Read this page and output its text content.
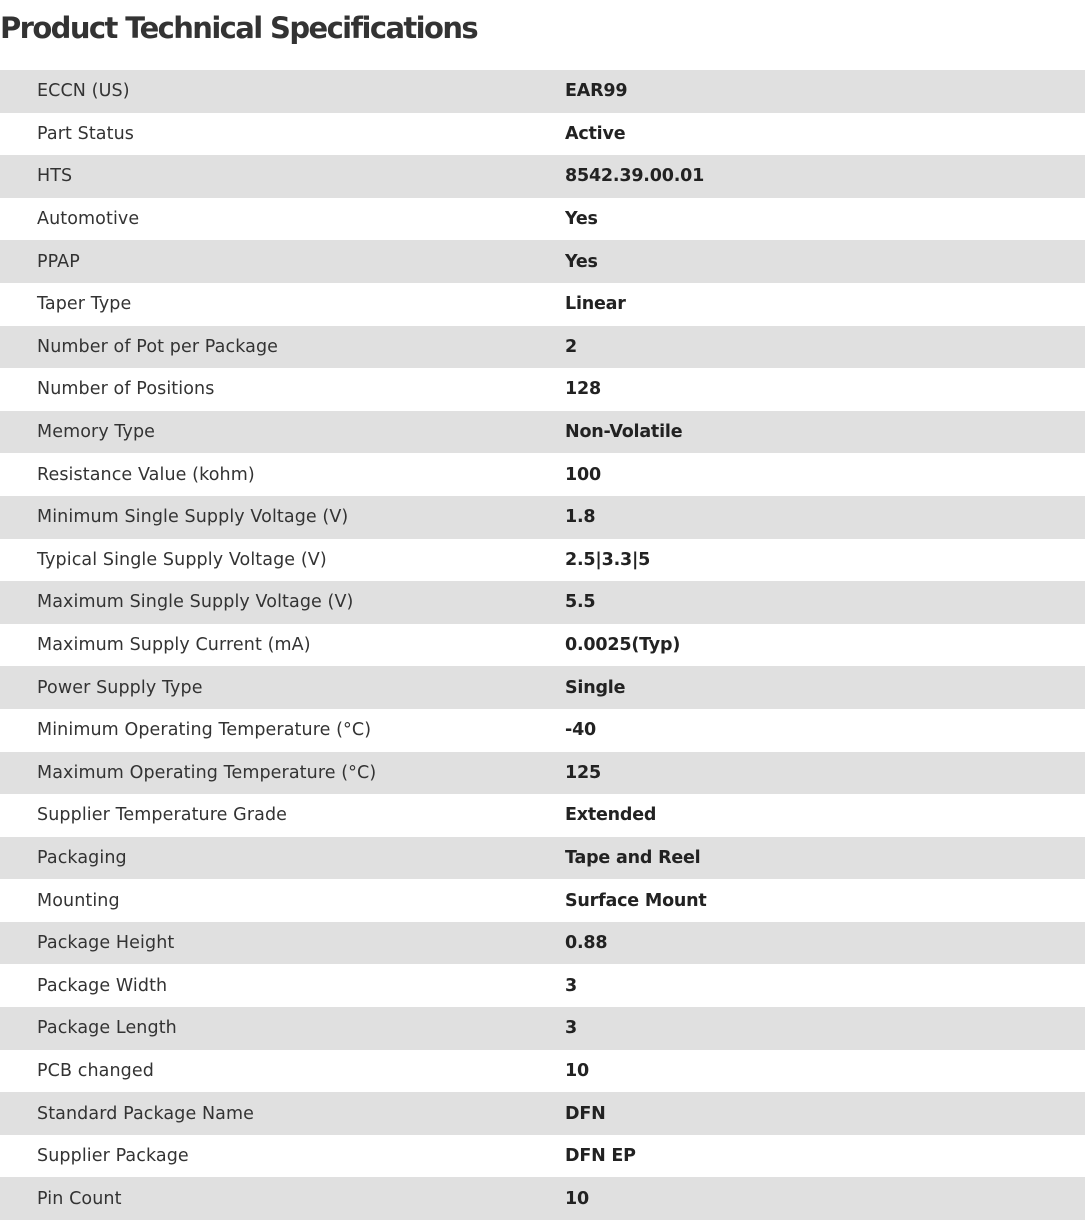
Product Technical Specifications
ECCN (US)	EAR99
Part Status	Active
HTS	8542.39.00.01
Automotive	Yes
PPAP	Yes
Taper Type	Linear
Number of Pot per Package	2
Number of Positions	128
Memory Type	Non-Volatile
Resistance Value (kohm)	100
Minimum Single Supply Voltage (V)	1.8
Typical Single Supply Voltage (V)	2.5|3.3|5
Maximum Single Supply Voltage (V)	5.5
Maximum Supply Current (mA)	0.0025(Typ)
Power Supply Type	Single
Minimum Operating Temperature (°C)	-40
Maximum Operating Temperature (°C)	125
Supplier Temperature Grade	Extended
Packaging	Tape and Reel
Mounting	Surface Mount
Package Height	0.88
Package Width	3
Package Length	3
PCB changed	10
Standard Package Name	DFN
Supplier Package	DFN EP
Pin Count	10
